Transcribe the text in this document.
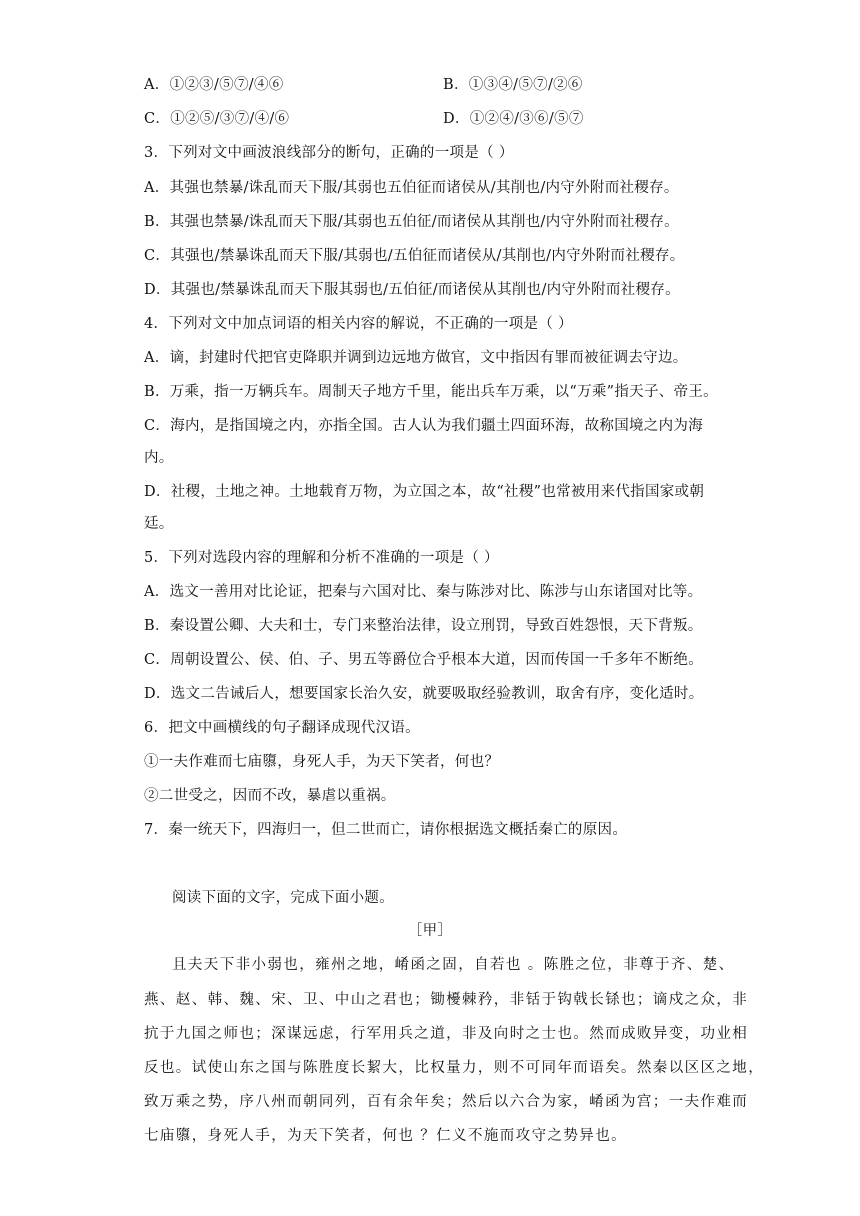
A．①②③/⑤⑦/④⑥	B．①③④/⑤⑦/②⑥
C．①②⑤/③⑦/④/⑥	D．①②④/③⑥/⑤⑦
3．下列对文中画波浪线部分的断句，正确的一项是（ ）
A．其强也禁暴/诛乱而天下服/其弱也五伯征而诸侯从/其削也/内守外附而社稷存。
B．其强也禁暴/诛乱而天下服/其弱也五伯征/而诸侯从其削也/内守外附而社稷存。
C．其强也/禁暴诛乱而天下服/其弱也/五伯征而诸侯从/其削也/内守外附而社稷存。
D．其强也/禁暴诛乱而天下服其弱也/五伯征/而诸侯从其削也/内守外附而社稷存。
4．下列对文中加点词语的相关内容的解说，不正确的一项是（ ）
A．谪，封建时代把官吏降职并调到边远地方做官，文中指因有罪而被征调去守边。
B．万乘，指一万辆兵车。周制天子地方千里，能出兵车万乘，以“万乘”指天子、帝王。
C．海内，是指国境之内，亦指全国。古人认为我们疆土四面环海，故称国境之内为海
内。
D．社稷，土地之神。土地载育万物，为立国之本，故“社稷”也常被用来代指国家或朝
廷。
5．下列对选段内容的理解和分析不准确的一项是（ ）
A．选文一善用对比论证，把秦与六国对比、秦与陈涉对比、陈涉与山东诸国对比等。
B．秦设置公卿、大夫和士，专门来整治法律，设立刑罚，导致百姓怨恨，天下背叛。
C．周朝设置公、侯、伯、子、男五等爵位合乎根本大道，因而传国一千多年不断绝。
D．选文二告诫后人，想要国家长治久安，就要吸取经验教训，取舍有序，变化适时。
6．把文中画横线的句子翻译成现代汉语。
①一夫作难而七庙隳，身死人手，为天下笑者，何也？
②二世受之，因而不改，暴虐以重祸。
7．秦一统天下，四海归一，但二世而亡，请你根据选文概括秦亡的原因。
阅读下面的文字，完成下面小题。
［甲］
且夫天下非小弱也，雍州之地，崤函之固，自若也 。陈胜之位，非尊于齐、楚、
燕、赵、韩、魏、宋、卫、中山之君也；锄櫌棘矜，非铦于钩戟长铩也；谪戍之众，非
抗于九国之师也；深谋远虑，行军用兵之道，非及向时之士也。然而成败异变，功业相
反也。试使山东之国与陈胜度长絜大，比权量力，则不可同年而语矣。然秦以区区之地，
致万乘之势，序八州而朝同列，百有余年矣；然后以六合为家，崤函为宫；一夫作难而
七庙隳，身死人手，为天下笑者，何也 ？仁义不施而攻守之势异也。
